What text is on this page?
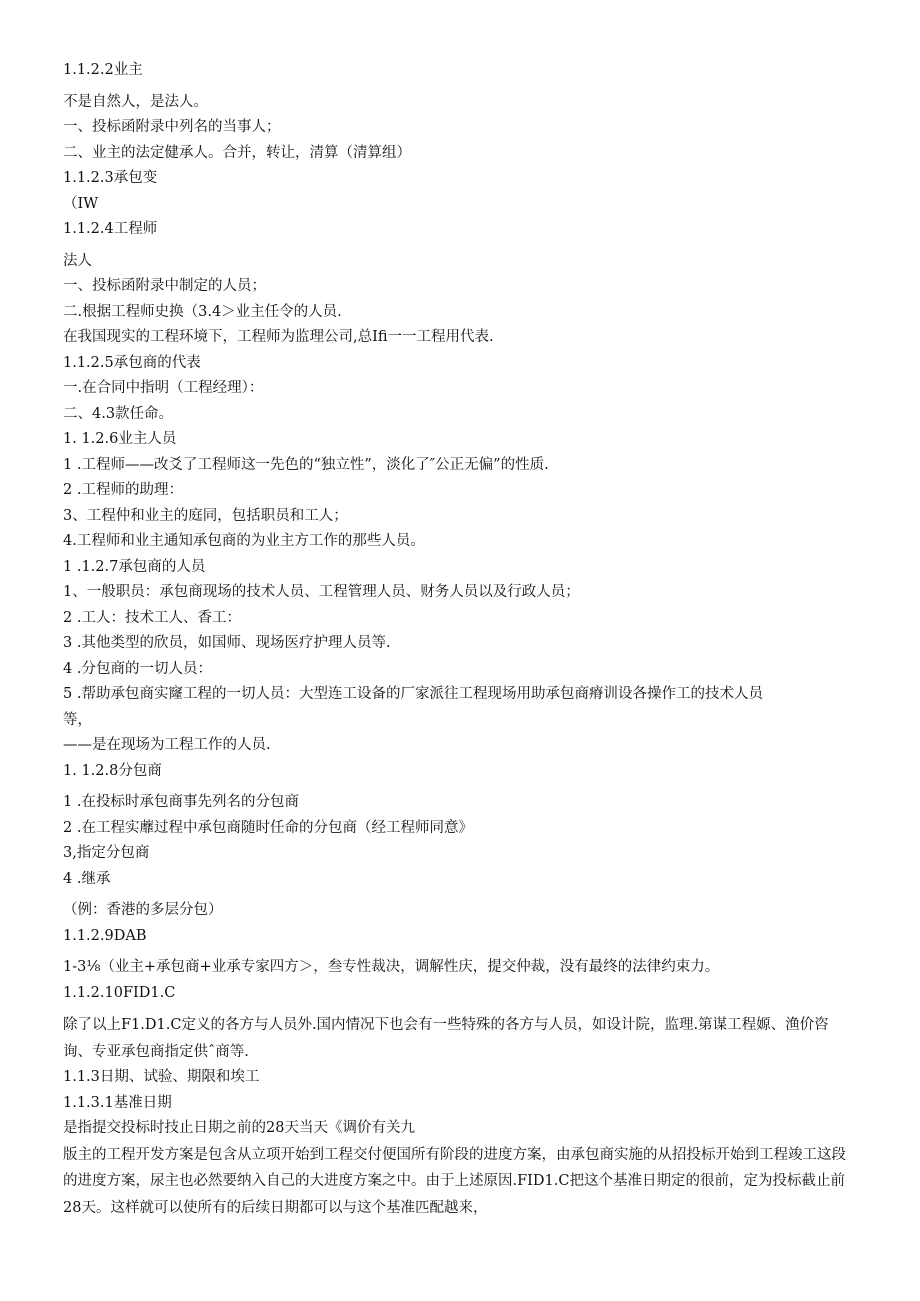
1.1.2.2业主
不是自然人，是法人。
一、投标函附录中列名的当事人；
二、业主的法定健承人。合并，转让，清算（清算组）
1.1.2.3承包变
（IW
1.1.2.4工程师
法人
一、投标函附录中制定的人员；
二.根据工程师史换（3.4＞业主任令的人员.
在我国现实的工程环境下，工程师为监理公司,总Ifi一一工程用代表.
1.1.2.5承包商的代表
一.在合同中指明（工程经理）：
二、4.3款任命。
1. 1.2.6业主人员
1 .工程师——改爻了工程师这一先色的“独立性”，淡化了″公正无偏”的性质.
2 .工程师的助理：
3、工程仲和业主的庭同，包括职员和工人；
4.工程师和业主通知承包商的为业主方工作的那些人员。
1 .1.2.7承包商的人员
1、一般职员：承包商现场的技术人员、工程管理人员、财务人员以及行政人员；
2 .工人：技术工人、香工：
3 .其他类型的欣员，如国师、现场医疗护理人员等.
4 .分包商的一切人员：
5 .帮助承包商实窿工程的一切人员：大型连工设备的厂家派往工程现场用助承包商瘠训设各操作工的技术人员
等，
——是在现场为工程工作的人员.
1. 1.2.8分包商
1 .在投标时承包商事先列名的分包商
2 .在工程实蘼过程中承包商随时任命的分包商（经工程师同意》
3,指定分包商
4 .继承
（例：香港的多层分包）
1.1.2.9DAB
1-3⅛（业主+承包商+业承专家四方＞，叁专性裁决，调解性庆，提交仲裁，没有最终的法律约束力。
1.1.2.10FID1.C
除了以上F1.D1.C定义的各方与人员外.国内情况下也会有一些特殊的各方与人员，如设计院，监理.第谋工程嫄、渔价咨询、专亚承包商指定供ˆ商等.
1.1.3日期、试验、期限和埃工
1.1.3.1基准日期
是指提交投标时技止日期之前的28天当天《调价有关九
版主的工程开发方案是包含从立项开始到工程交付便国所有阶段的进度方案，由承包商实施的从招投标开始到工程竣工这段的进度方案，尿主也必然要纳入自己的大进度方案之中。由于上述原因.FID1.C把这个基准日期定的很前，定为投标截止前28天。这样就可以使所有的后续日期都可以与这个基准匹配越来，
